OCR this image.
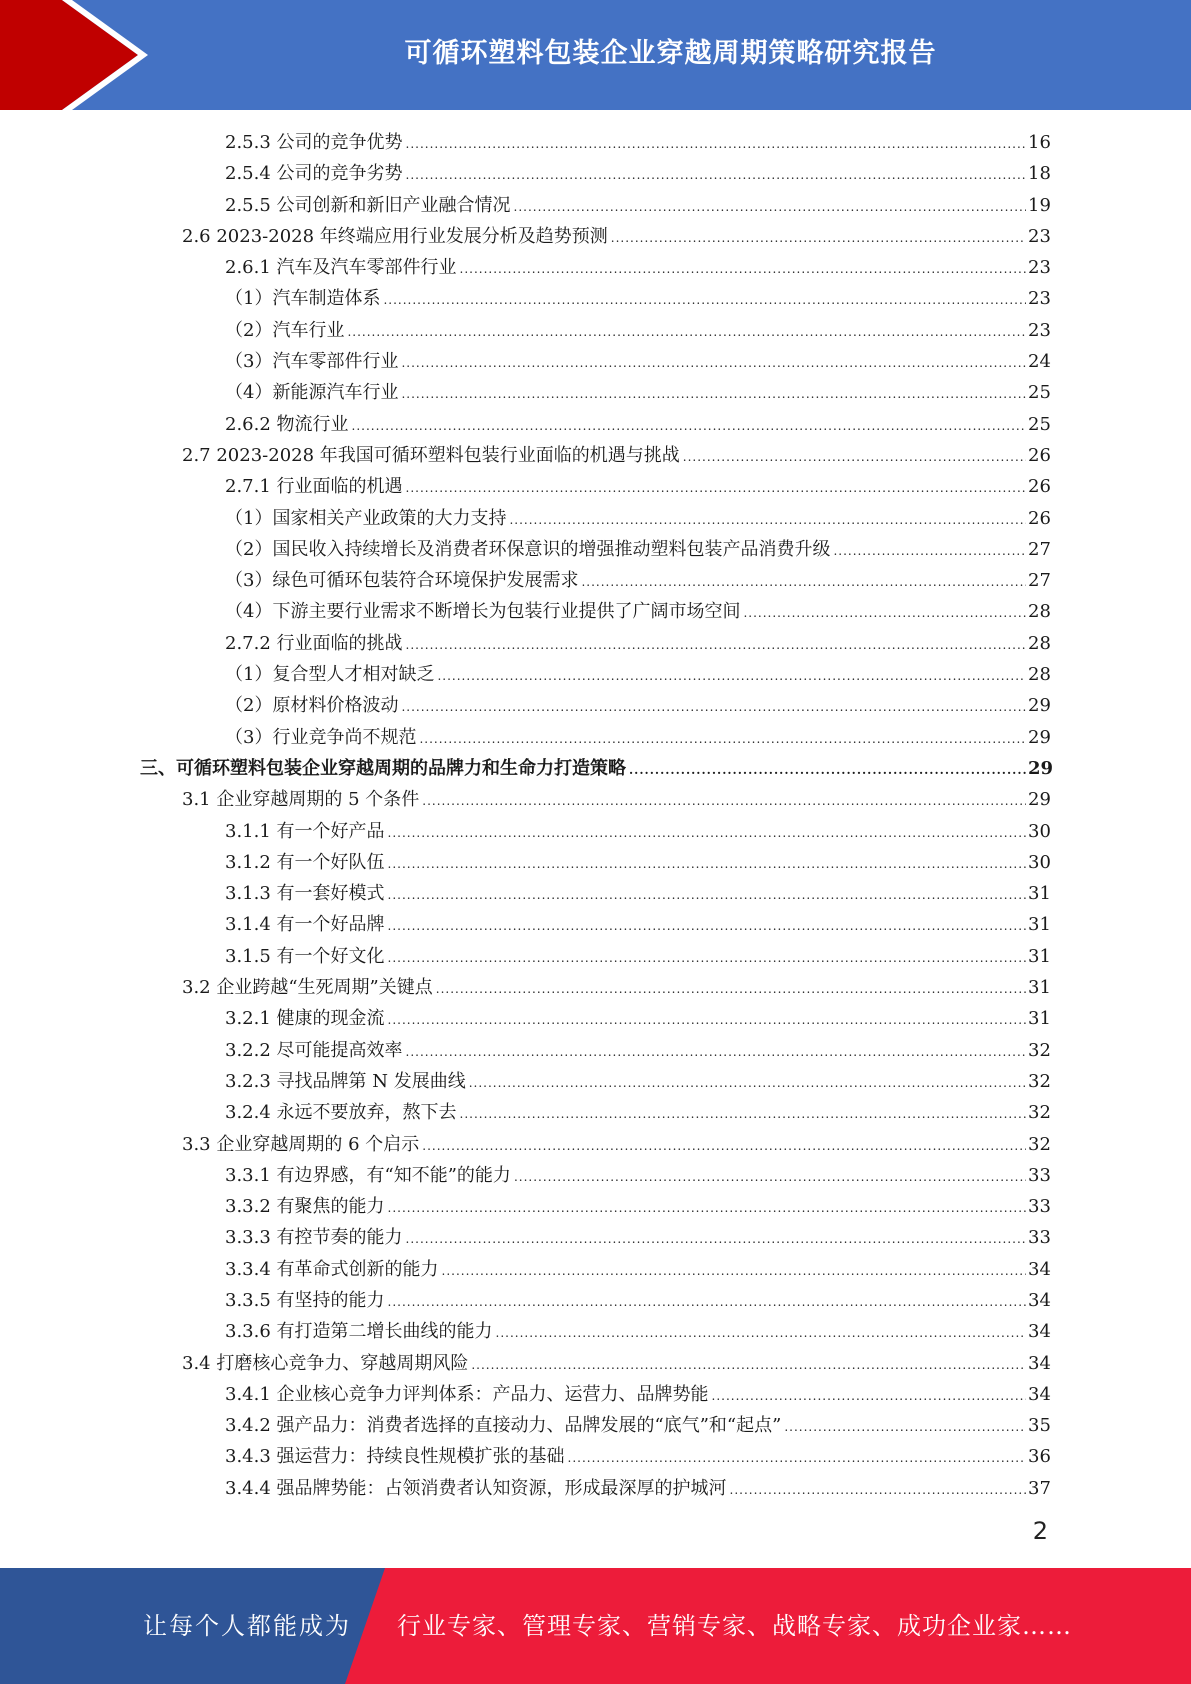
可循环塑料包装企业穿越周期策略研究报告
2.5.3 公司的竞争优势 .....	16
2.5.4 公司的竞争劣势 .....	18
2.5.5 公司创新和新旧产业融合情况 .....	19
2.6 2023-2028 年终端应用行业发展分析及趋势预测 .....	23
2.6.1 汽车及汽车零部件行业 .....	23
（1）汽车制造体系 .....	23
（2）汽车行业 .....	23
（3）汽车零部件行业 .....	24
（4）新能源汽车行业 .....	25
2.6.2 物流行业 .....	25
2.7 2023-2028 年我国可循环塑料包装行业面临的机遇与挑战 .....	26
2.7.1 行业面临的机遇 .....	26
（1）国家相关产业政策的大力支持 .....	26
（2）国民收入持续增长及消费者环保意识的增强推动塑料包装产品消费升级 .....	27
（3）绿色可循环包装符合环境保护发展需求 .....	27
（4）下游主要行业需求不断增长为包装行业提供了广阔市场空间 .....	28
2.7.2 行业面临的挑战 .....	28
（1）复合型人才相对缺乏 .....	28
（2）原材料价格波动 .....	29
（3）行业竞争尚不规范 .....	29
三、可循环塑料包装企业穿越周期的品牌力和生命力打造策略 .....	29
3.1 企业穿越周期的 5 个条件 .....	29
3.1.1 有一个好产品 .....	30
3.1.2 有一个好队伍 .....	30
3.1.3 有一套好模式 .....	31
3.1.4 有一个好品牌 .....	31
3.1.5 有一个好文化 .....	31
3.2 企业跨越“生死周期”关键点 .....	31
3.2.1 健康的现金流 .....	31
3.2.2 尽可能提高效率 .....	32
3.2.3 寻找品牌第 N 发展曲线 .....	32
3.2.4 永远不要放弃，熬下去 .....	32
3.3 企业穿越周期的 6 个启示 .....	32
3.3.1 有边界感，有“知不能”的能力 .....	33
3.3.2 有聚焦的能力 .....	33
3.3.3 有控节奏的能力 .....	33
3.3.4 有革命式创新的能力 .....	34
3.3.5 有坚持的能力 .....	34
3.3.6 有打造第二增长曲线的能力 .....	34
3.4 打磨核心竞争力、穿越周期风险 .....	34
3.4.1 企业核心竞争力评判体系：产品力、运营力、品牌势能 .....	34
3.4.2 强产品力：消费者选择的直接动力、品牌发展的“底气”和“起点” .....	35
3.4.3 强运营力：持续良性规模扩张的基础 .....	36
3.4.4 强品牌势能：占领消费者认知资源，形成最深厚的护城河 .....	37
2
让每个人都能成为 行业专家、管理专家、营销专家、战略专家、成功企业家……
